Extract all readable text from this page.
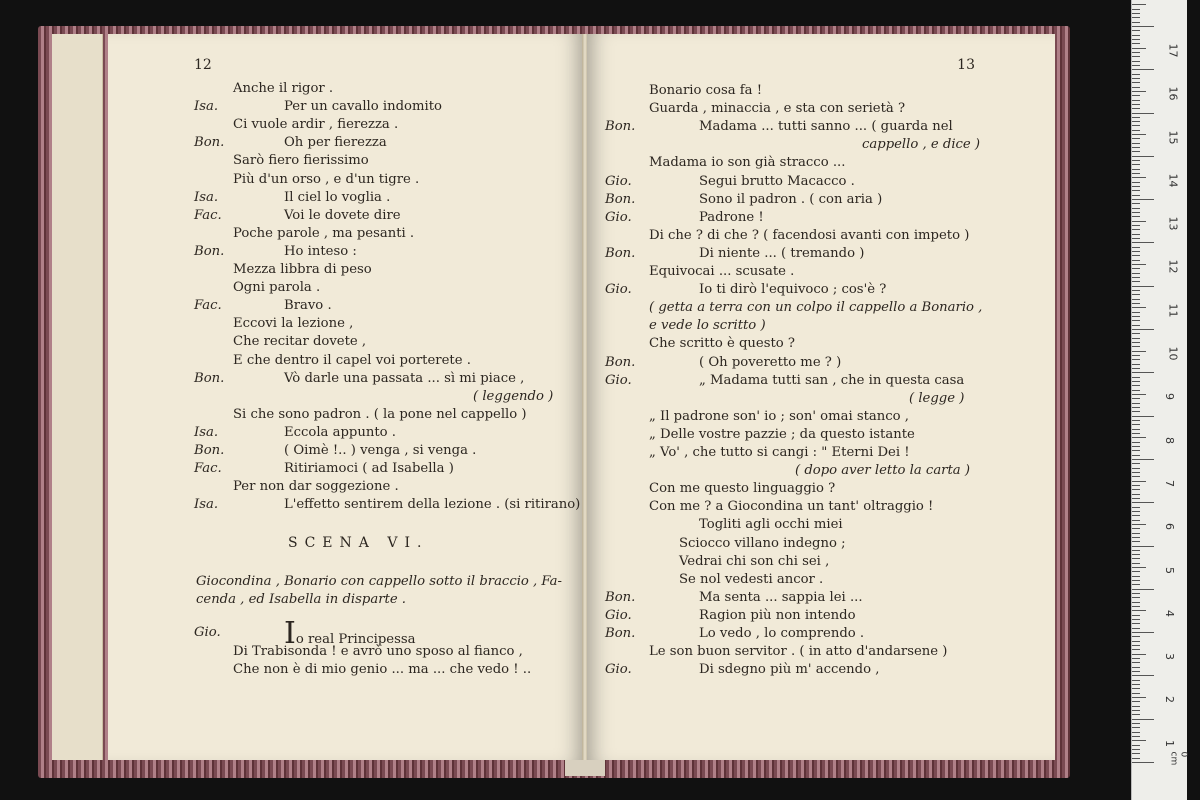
12
Anche il rigor .
Isa.	Per un cavallo indomito
Ci vuole ardir , fierezza .
Bon.	Oh per fierezza
Sarò fiero fierissimo
Più d'un orso , e d'un tigre .
Isa.	Il ciel lo voglia .
Fac.	Voi le dovete dire
Poche parole , ma pesanti .
Bon.	Ho inteso :
Mezza libbra di peso
Ogni parola .
Fac.	Bravo .
Eccovi la lezione ,
Che recitar dovete ,
E che dentro il capel voi porterete .
Bon.	Vò darle una passata ... sì mi piace ,
( leggendo )
Si che sono padron . ( la pone nel cappello )
Isa.	Eccola appunto .
Bon.	( Oimè !.. ) venga , si venga .
Fac.	Ritiriamoci ( ad Isabella )
Per non dar soggezione .
Isa.	L'effetto sentirem della lezione . (si ritirano)
SCENA VI.
Giocondina , Bonario con cappello sotto il braccio , Fa-
cenda , ed Isabella in disparte .
Gio. Io real Principessa
Di Trabisonda ! e avrò uno sposo al fianco ,
Che non è di mio genio ... ma ... che vedo ! ..
13
Bonario cosa fa !
Guarda , minaccia , e sta con serietà ?
Bon.	Madama ... tutti sanno ... ( guarda nel
cappello , e dice )
Madama io son già stracco ...
Gio.	Segui brutto Macacco .
Bon.	Sono il padron . ( con aria )
Gio.	Padrone !
Di che ? di che ? ( facendosi avanti con impeto )
Bon.	Di niente ... ( tremando )
Equivocai ... scusate .
Gio.	Io ti dirò l'equivoco ; cos'è ?
( getta a terra con un colpo il cappello a Bonario ,
e vede lo scritto )
Che scritto è questo ?
Bon.	( Oh poveretto me ? )
Gio.	„ Madama tutti san , che in questa casa
( legge )
„ Il padrone son' io ; son' omai stanco ,
„ Delle vostre pazzie ; da questo istante
„ Vo' , che tutto si cangi : " Eterni Dei !
( dopo aver letto la carta )
Con me questo linguaggio ?
Con me ? a Giocondina un tant' oltraggio !
Togliti agli occhi miei
Sciocco villano indegno ;
Vedrai chi son chi sei ,
Se nol vedesti ancor .
Bon.	Ma senta ... sappia lei ...
Gio.	Ragion più non intendo
Bon.	Lo vedo , lo comprendo .
Le son buon servitor . ( in atto d'andarsene )
Gio.	Di sdegno più m' accendo ,
0 cm
17
16
15
14
13
12
11
10
9
8
7
6
5
4
3
2
1
